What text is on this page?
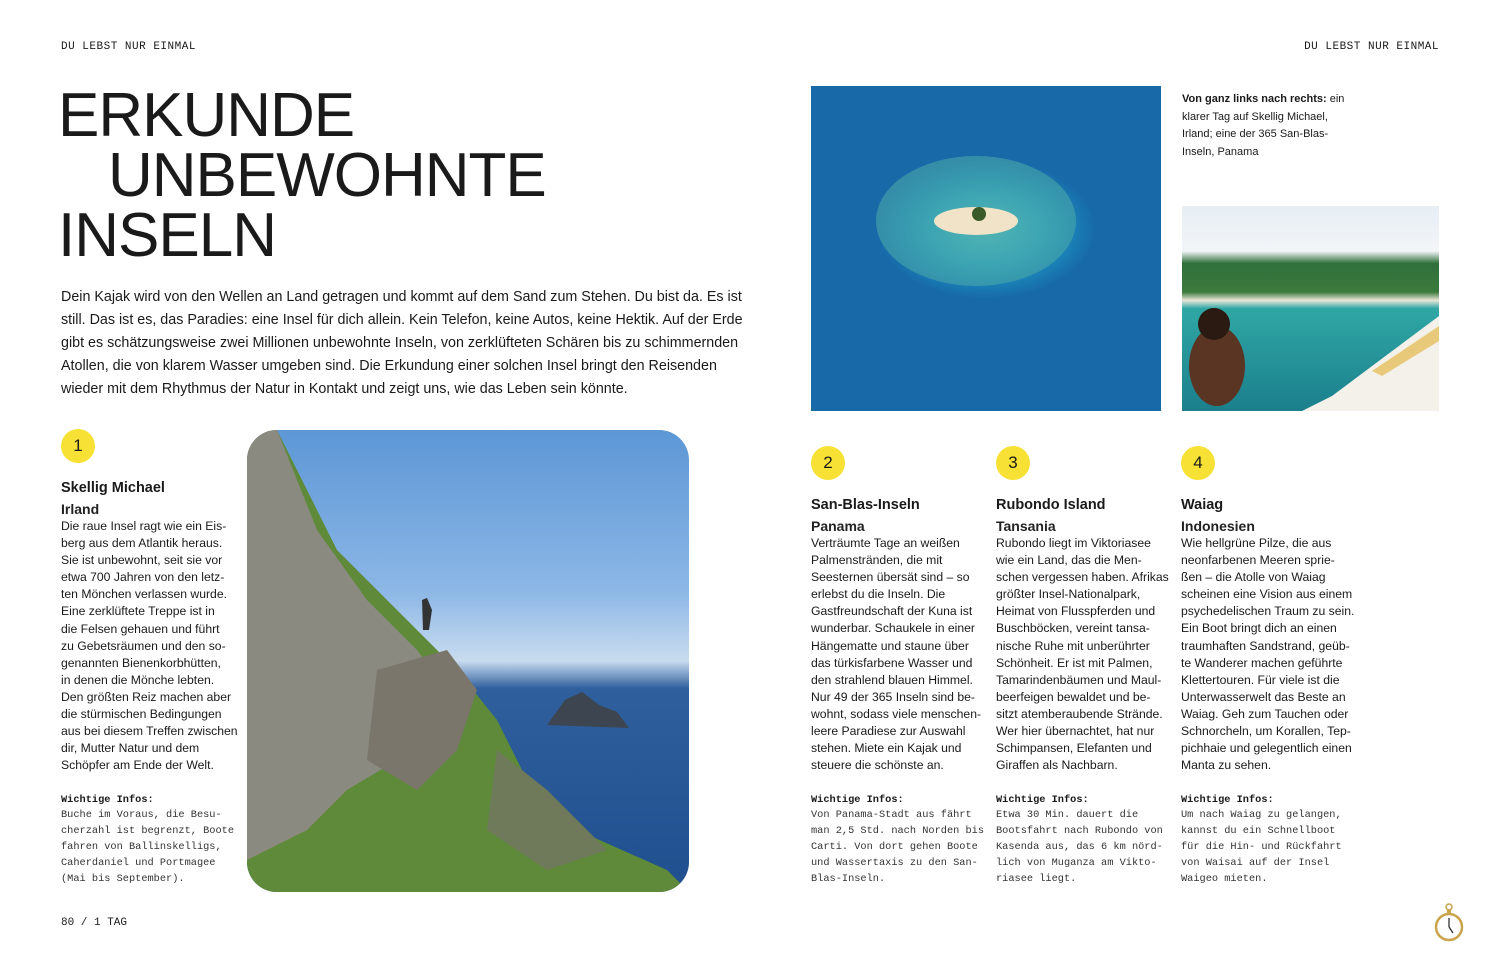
DU LEBST NUR EINMAL	DU LEBST NUR EINMAL
ERKUNDE
UNBEWOHNTE
INSELN
Dein Kajak wird von den Wellen an Land getragen und kommt auf dem Sand zum Stehen. Du bist da. Es ist
still. Das ist es, das Paradies: eine Insel für dich allein. Kein Telefon, keine Autos, keine Hektik. Auf der Erde
gibt es schätzungsweise zwei Millionen unbewohnte Inseln, von zerklüfteten Schären bis zu schimmernden
Atollen, die von klarem Wasser umgeben sind. Die Erkundung einer solchen Insel bringt den Reisenden
wieder mit dem Rhythmus der Natur in Kontakt und zeigt uns, wie das Leben sein könnte.
Von ganz links nach rechts: ein
klarer Tag auf Skellig Michael,
Irland; eine der 365 San-Blas-
Inseln, Panama
1
2	3	4
Skellig Michael
Irland
Die raue Insel ragt wie ein Eis-
berg aus dem Atlantik heraus.
Sie ist unbewohnt, seit sie vor
etwa 700 Jahren von den letz-
ten Mönchen verlassen wurde.
Eine zerklüftete Treppe ist in
die Felsen gehauen und führt
zu Gebetsräumen und den so-
genannten Bienenkorbhütten,
in denen die Mönche lebten.
Den größten Reiz machen aber
die stürmischen Bedingungen
aus bei diesem Treffen zwischen
dir, Mutter Natur und dem
Schöpfer am Ende der Welt.
Wichtige Infos:
Buche im Voraus, die Besu-
cherzahl ist begrenzt, Boote
fahren von Ballinskelligs,
Caherdaniel und Portmagee
(Mai bis September).
San-Blas-Inseln
Panama
Verträumte Tage an weißen
Palmenstränden, die mit
Seesternen übersät sind – so
erlebst du die Inseln. Die
Gastfreundschaft der Kuna ist
wunderbar. Schaukele in einer
Hängematte und staune über
das türkisfarbene Wasser und
den strahlend blauen Himmel.
Nur 49 der 365 Inseln sind be-
wohnt, sodass viele menschen-
leere Paradiese zur Auswahl
stehen. Miete ein Kajak und
steuere die schönste an.
Wichtige Infos:
Von Panama-Stadt aus fährt
man 2,5 Std. nach Norden bis
Carti. Von dort gehen Boote
und Wassertaxis zu den San-
Blas-Inseln.
Rubondo Island
Tansania
Rubondo liegt im Viktoriasee
wie ein Land, das die Men-
schen vergessen haben. Afrikas
größter Insel-Nationalpark,
Heimat von Flusspferden und
Buschböcken, vereint tansa-
nische Ruhe mit unberührter
Schönheit. Er ist mit Palmen,
Tamarindenbäumen und Maul-
beerfeigen bewaldet und be-
sitzt atemberaubende Strände.
Wer hier übernachtet, hat nur
Schimpansen, Elefanten und
Giraffen als Nachbarn.
Wichtige Infos:
Etwa 30 Min. dauert die
Bootsfahrt nach Rubondo von
Kasenda aus, das 6 km nörd-
lich von Muganza am Vikto-
riasee liegt.
Waiag
Indonesien
Wie hellgrüne Pilze, die aus
neonfarbenen Meeren sprie-
ßen – die Atolle von Waiag
scheinen eine Vision aus einem
psychedelischen Traum zu sein.
Ein Boot bringt dich an einen
traumhaften Sandstrand, geüb-
te Wanderer machen geführte
Klettertouren. Für viele ist die
Unterwasserwelt das Beste an
Waiag. Geh zum Tauchen oder
Schnorcheln, um Korallen, Tep-
pichhaie und gelegentlich einen
Manta zu sehen.
Wichtige Infos:
Um nach Waiag zu gelangen,
kannst du ein Schnellboot
für die Hin- und Rückfahrt
von Waisai auf der Insel
Waigeo mieten.
80 / 1 TAG
